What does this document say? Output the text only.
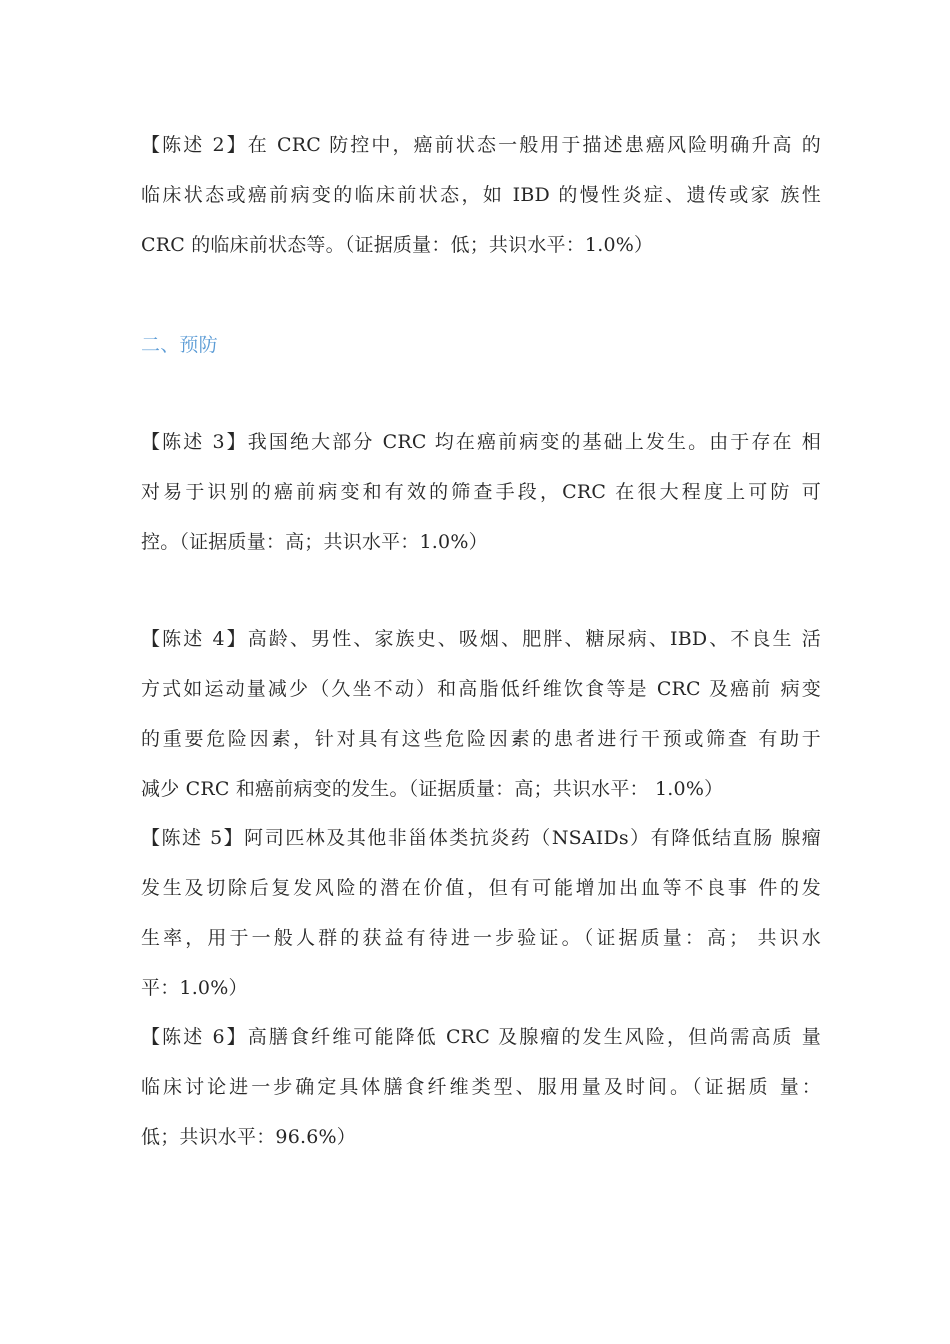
【陈述 2】在 CRC 防控中，癌前状态一般用于描述患癌风险明确升高 的
临床状态或癌前病变的临床前状态，如 IBD 的慢性炎症、遗传或家 族性
CRC 的临床前状态等。（证据质量：低；共识水平：1.0%）
二、预防
【陈述 3】我国绝大部分 CRC 均在癌前病变的基础上发生。由于存在 相
对易于识别的癌前病变和有效的筛查手段，CRC 在很大程度上可防 可
控。（证据质量：高；共识水平：1.0%）
【陈述 4】高龄、男性、家族史、吸烟、肥胖、糖尿病、IBD、不良生 活
方式如运动量减少（久坐不动）和高脂低纤维饮食等是 CRC 及癌前 病变
的重要危险因素，针对具有这些危险因素的患者进行干预或筛查 有助于
减少 CRC 和癌前病变的发生。（证据质量：高；共识水平： 1.0%）
【陈述 5】阿司匹林及其他非甾体类抗炎药（NSAIDs）有降低结直肠 腺瘤
发生及切除后复发风险的潜在价值，但有可能增加出血等不良事 件的发
生率，用于一般人群的获益有待进一步验证。（证据质量：高； 共识水
平：1.0%）
【陈述 6】高膳食纤维可能降低 CRC 及腺瘤的发生风险，但尚需高质 量
临床讨论进一步确定具体膳食纤维类型、服用量及时间。（证据质 量：
低；共识水平：96.6%）
